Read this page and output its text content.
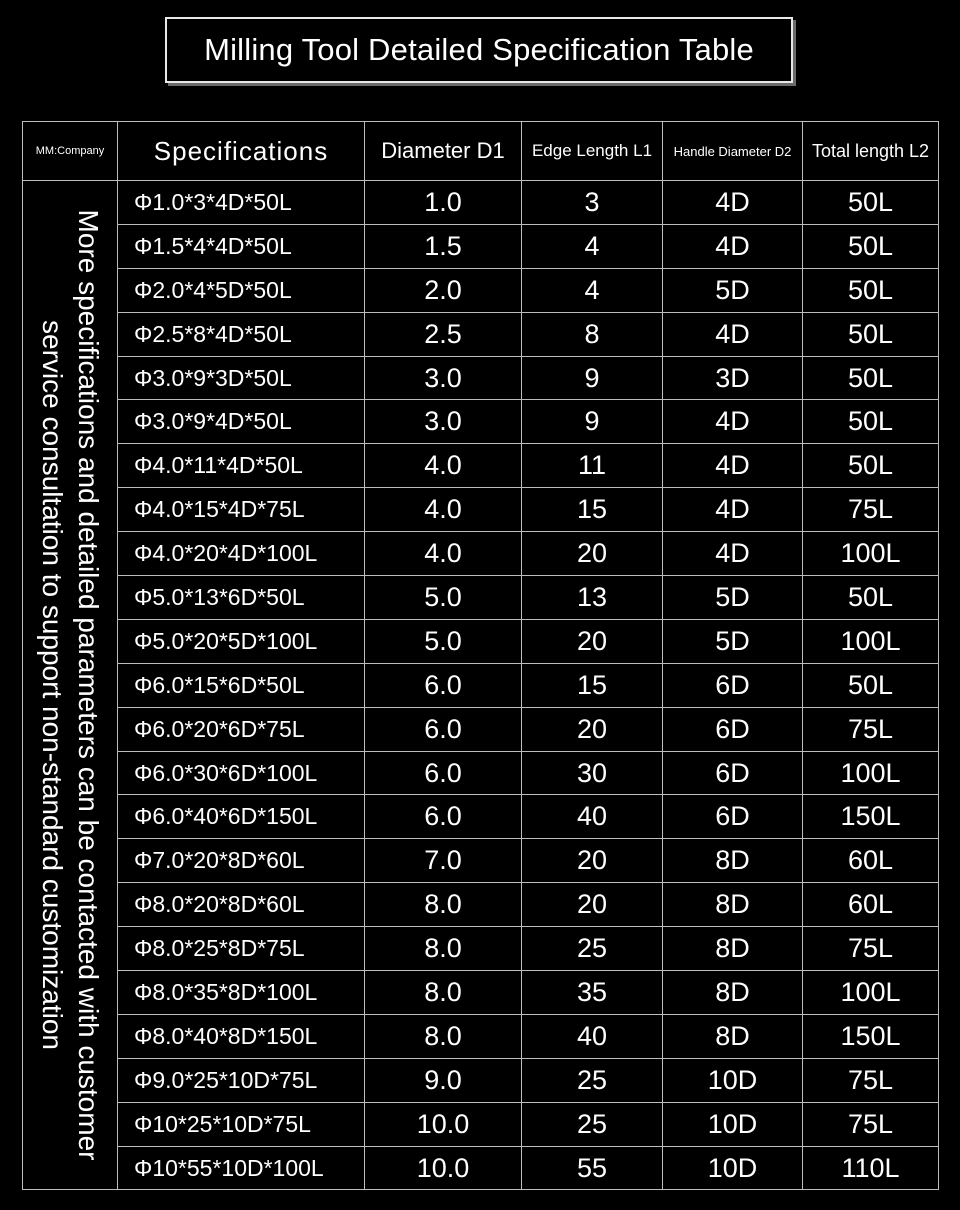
Milling Tool Detailed Specification Table
MM:Company	Specifications	Diameter D1	Edge Length L1	Handle Diameter D2	Total length L2

More specifications and detailed parameters can be contacted with customer service consultation to support non-standard customization	Φ1.0*3*4D*50L	1.0	3	4D	50L
	Φ1.5*4*4D*50L	1.5	4	4D	50L
	Φ2.0*4*5D*50L	2.0	4	5D	50L
	Φ2.5*8*4D*50L	2.5	8	4D	50L
	Φ3.0*9*3D*50L	3.0	9	3D	50L
	Φ3.0*9*4D*50L	3.0	9	4D	50L
	Φ4.0*11*4D*50L	4.0	11	4D	50L
	Φ4.0*15*4D*75L	4.0	15	4D	75L
	Φ4.0*20*4D*100L	4.0	20	4D	100L
	Φ5.0*13*6D*50L	5.0	13	5D	50L
	Φ5.0*20*5D*100L	5.0	20	5D	100L
	Φ6.0*15*6D*50L	6.0	15	6D	50L
	Φ6.0*20*6D*75L	6.0	20	6D	75L
	Φ6.0*30*6D*100L	6.0	30	6D	100L
	Φ6.0*40*6D*150L	6.0	40	6D	150L
	Φ7.0*20*8D*60L	7.0	20	8D	60L
	Φ8.0*20*8D*60L	8.0	20	8D	60L
	Φ8.0*25*8D*75L	8.0	25	8D	75L
	Φ8.0*35*8D*100L	8.0	35	8D	100L
	Φ8.0*40*8D*150L	8.0	40	8D	150L
	Φ9.0*25*10D*75L	9.0	25	10D	75L
	Φ10*25*10D*75L	10.0	25	10D	75L
	Φ10*55*10D*100L	10.0	55	10D	110L
